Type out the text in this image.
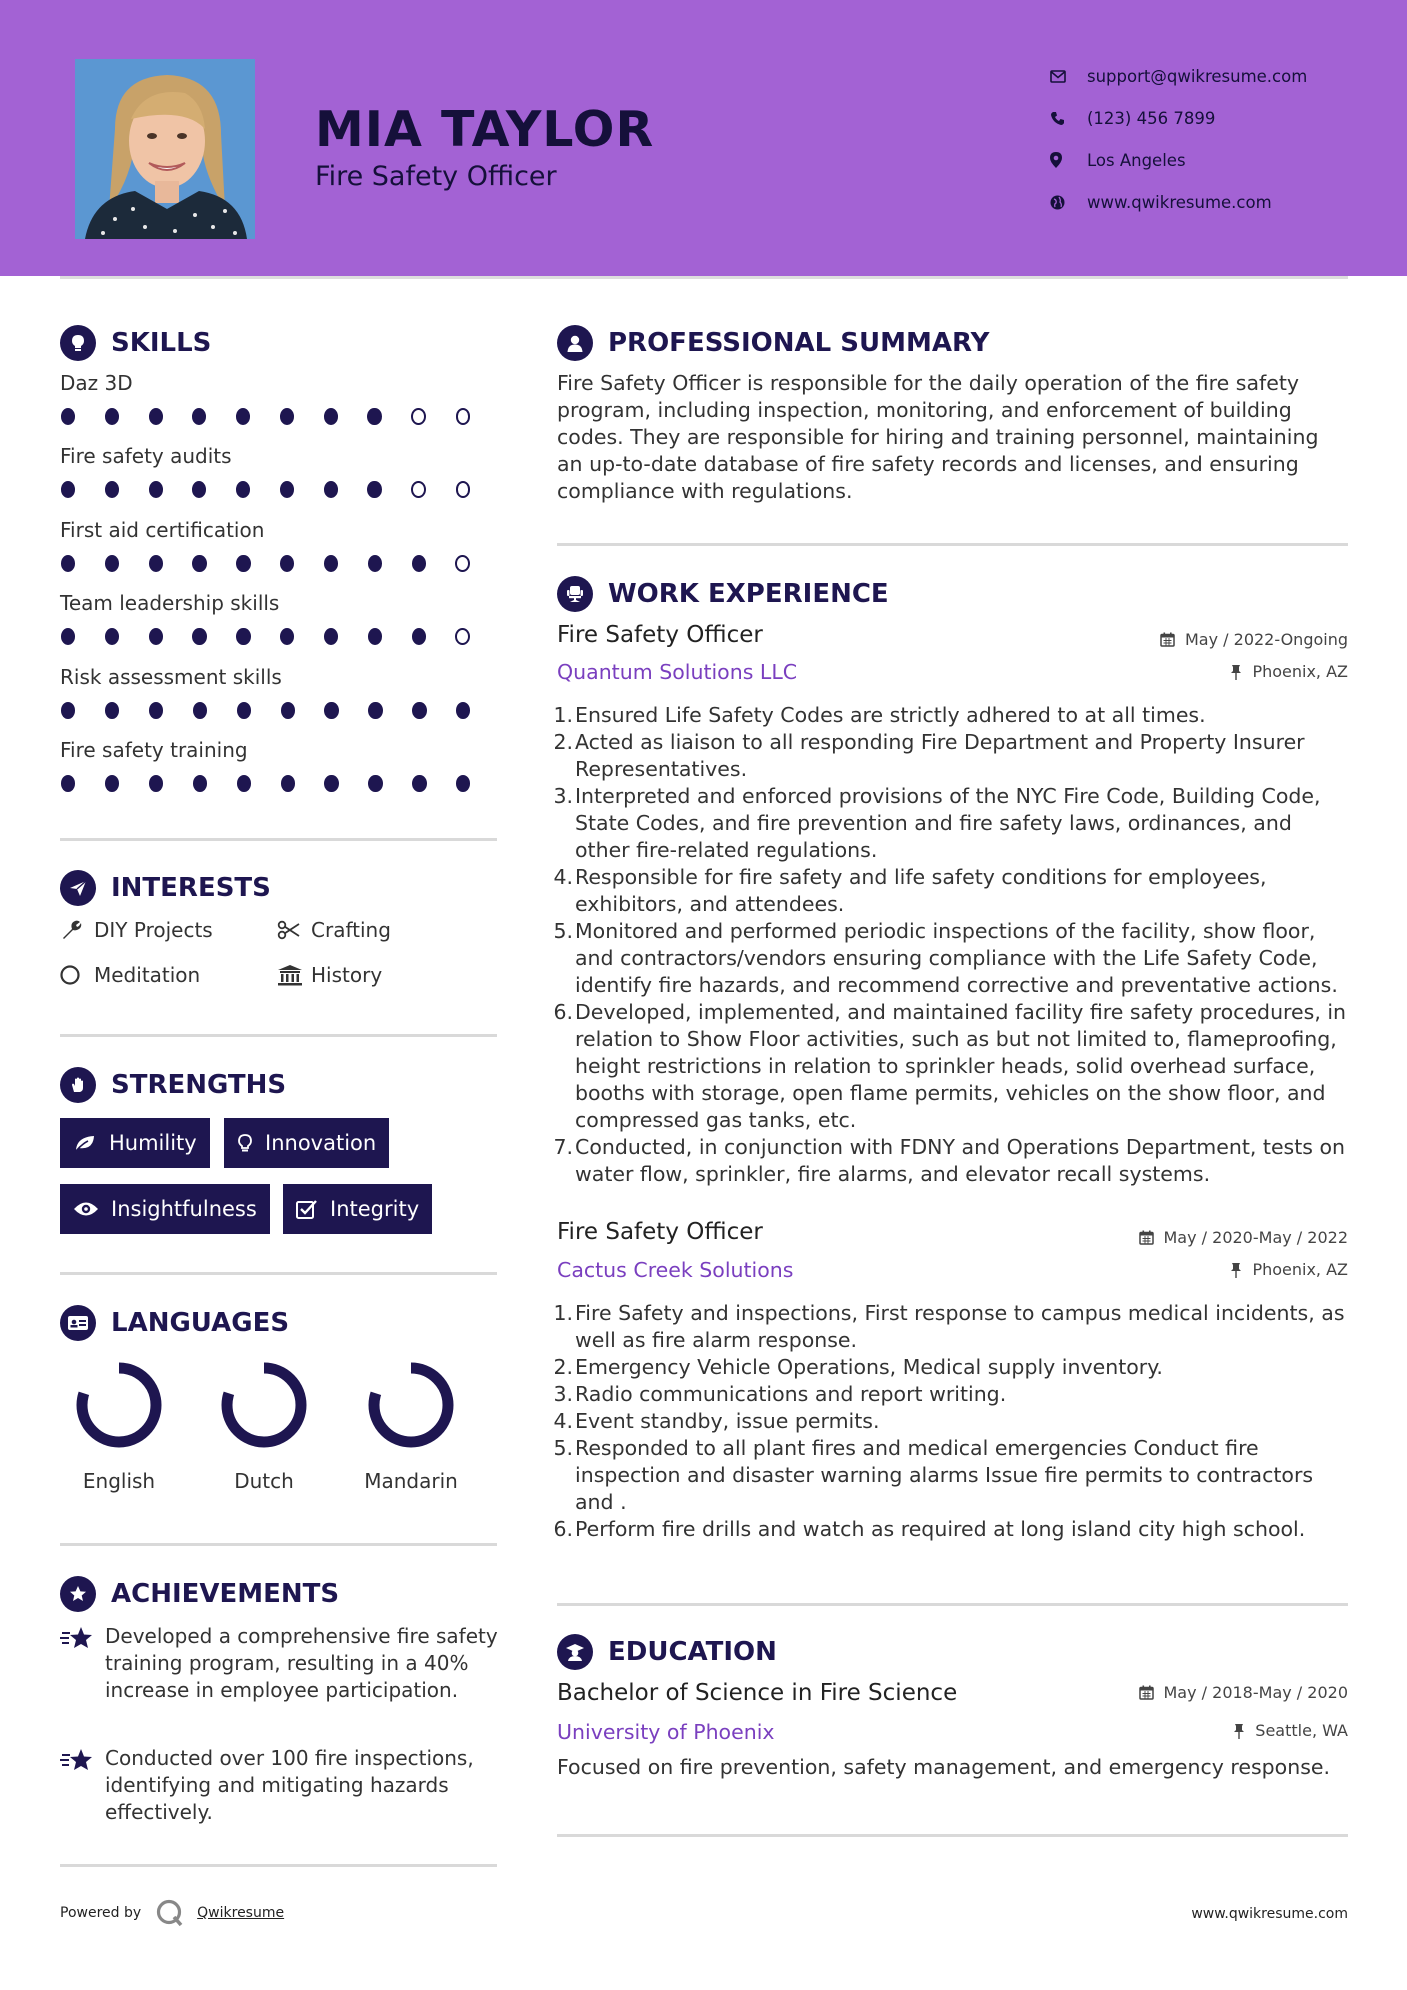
MIA TAYLOR
Fire Safety Officer
support@qwikresume.com
(123) 456 7899
Los Angeles
www.qwikresume.com
SKILLS
Daz 3D
Fire safety audits
First aid certification
Team leadership skills
Risk assessment skills
Fire safety training
INTERESTS
DIY Projects	Crafting
Meditation	History
STRENGTHS
Humility	Innovation
Insightfulness	Integrity
LANGUAGES
English	Dutch	Mandarin
ACHIEVEMENTS
Developed a comprehensive fire safety training program, resulting in a 40% increase in employee participation.
Conducted over 100 fire inspections, identifying and mitigating hazards effectively.
PROFESSIONAL SUMMARY
Fire Safety Officer is responsible for the daily operation of the fire safety program, including inspection, monitoring, and enforcement of building codes. They are responsible for hiring and training personnel, maintaining an up-to-date database of fire safety records and licenses, and ensuring compliance with regulations.
WORK EXPERIENCE
Fire Safety Officer	May / 2022-Ongoing
Quantum Solutions LLC	Phoenix, AZ
1. Ensured Life Safety Codes are strictly adhered to at all times.
2. Acted as liaison to all responding Fire Department and Property Insurer Representatives.
3. Interpreted and enforced provisions of the NYC Fire Code, Building Code, State Codes, and fire prevention and fire safety laws, ordinances, and other fire-related regulations.
4. Responsible for fire safety and life safety conditions for employees, exhibitors, and attendees.
5. Monitored and performed periodic inspections of the facility, show floor, and contractors/vendors ensuring compliance with the Life Safety Code, identify fire hazards, and recommend corrective and preventative actions.
6. Developed, implemented, and maintained facility fire safety procedures, in relation to Show Floor activities, such as but not limited to, flameproofing, height restrictions in relation to sprinkler heads, solid overhead surface, booths with storage, open flame permits, vehicles on the show floor, and compressed gas tanks, etc.
7. Conducted, in conjunction with FDNY and Operations Department, tests on water flow, sprinkler, fire alarms, and elevator recall systems.
Fire Safety Officer	May / 2020-May / 2022
Cactus Creek Solutions	Phoenix, AZ
1. Fire Safety and inspections, First response to campus medical incidents, as well as fire alarm response.
2. Emergency Vehicle Operations, Medical supply inventory.
3. Radio communications and report writing.
4. Event standby, issue permits.
5. Responded to all plant fires and medical emergencies Conduct fire inspection and disaster warning alarms Issue fire permits to contractors and .
6. Perform fire drills and watch as required at long island city high school.
EDUCATION
Bachelor of Science in Fire Science	May / 2018-May / 2020
University of Phoenix	Seattle, WA
Focused on fire prevention, safety management, and emergency response.
Powered by	Qwikresume	www.qwikresume.com
